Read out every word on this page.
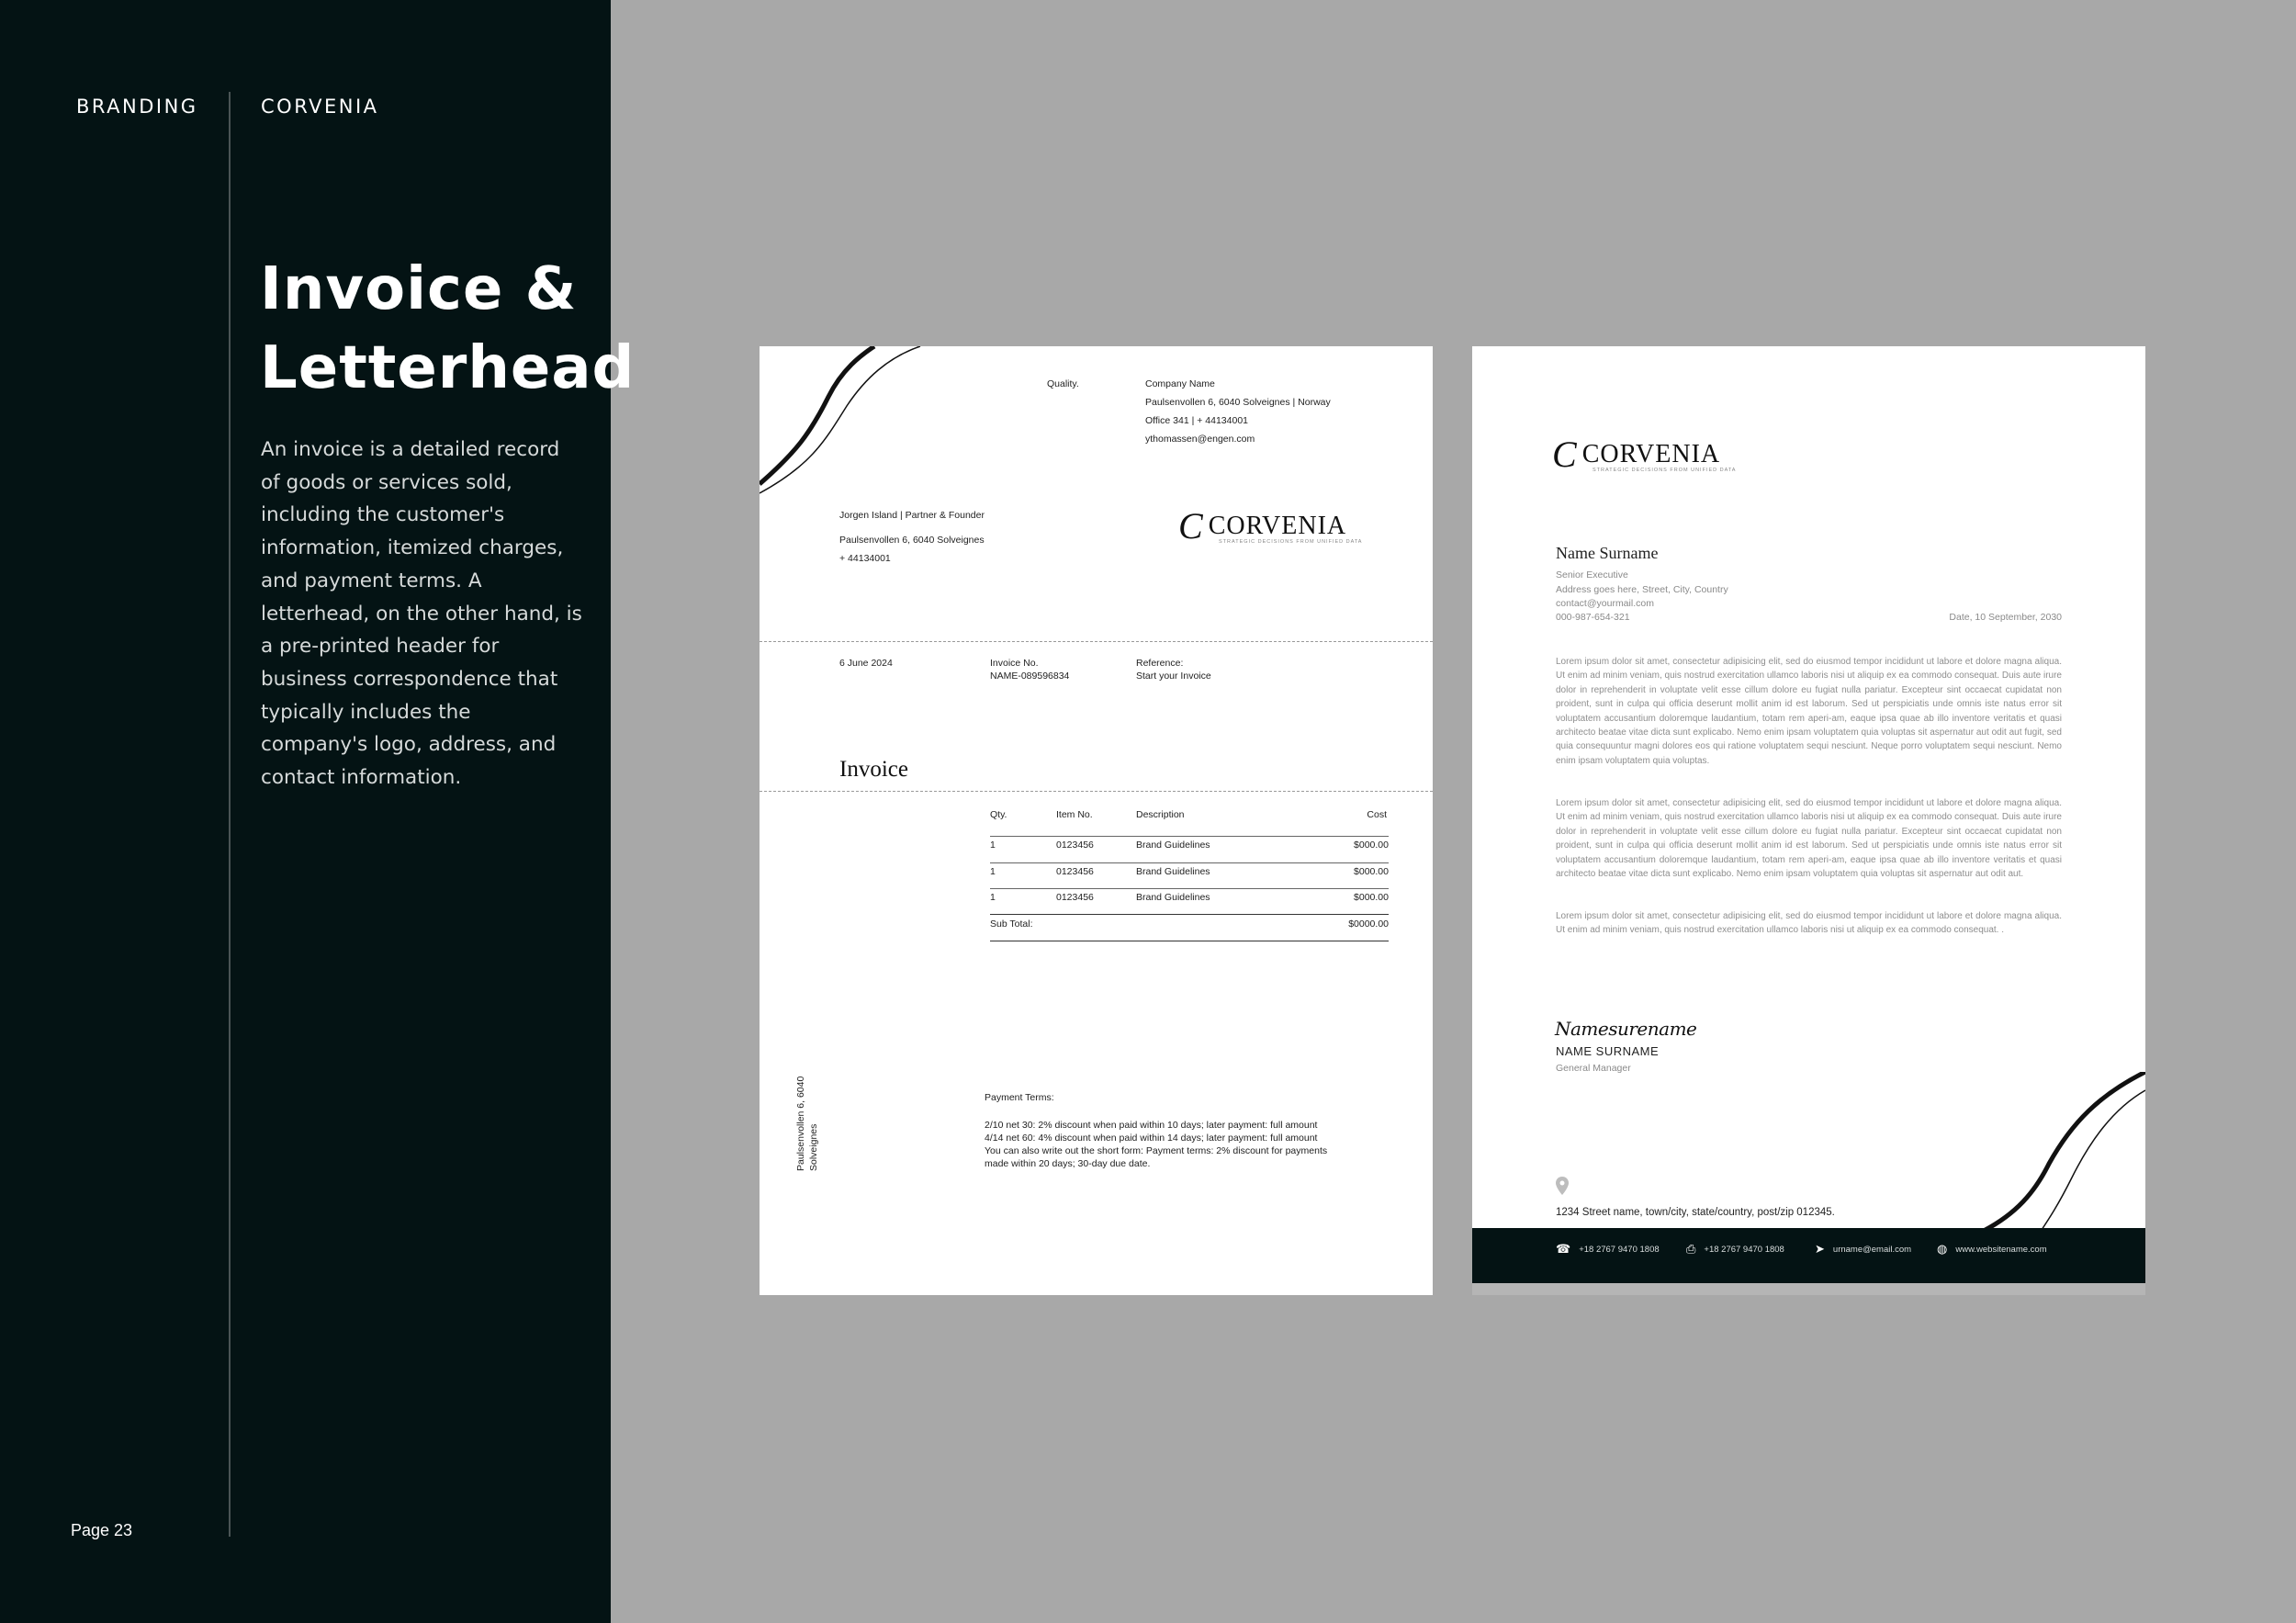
BRANDING	CORVENIA
Invoice &
Letterhead
An invoice is a detailed record of goods or services sold, including the customer's information, itemized charges, and payment terms. A letterhead, on the other hand, is a pre-printed header for business correspondence that typically includes the company's logo, address, and contact information.
Page 23
Quality.	Company Name
Paulsenvollen 6, 6040 Solveignes | Norway
Office 341 | + 44134001
ythomassen@engen.com
Jorgen Island | Partner & Founder
Paulsenvollen 6, 6040 Solveignes
+ 44134001
C CORVENIA
STRATEGIC DECISIONS FROM UNIFIED DATA
6 June 2024	Invoice No.
NAME-089596834
Reference:
Start your Invoice
Invoice
Qty.	Item No.	Description	Cost
1	0123456	Brand Guidelines	$000.00
1	0123456	Brand Guidelines	$000.00
1	0123456	Brand Guidelines	$000.00
Sub Total:	$0000.00
Paulsenvollen 6, 6040 Solveignes
Payment Terms:
2/10 net 30: 2% discount when paid within 10 days; later payment: full amount
4/14 net 60: 4% discount when paid within 14 days; later payment: full amount
You can also write out the short form: Payment terms: 2% discount for payments
made within 20 days; 30-day due date.
C CORVENIA
STRATEGIC DECISIONS FROM UNIFIED DATA
Name Surname
Senior Executive
Address goes here, Street, City, Country
contact@yourmail.com
000-987-654-321	Date, 10 September, 2030
Lorem ipsum dolor sit amet, consectetur adipisicing elit, sed do eiusmod tempor incididunt ut labore et dolore magna aliqua. Ut enim ad minim veniam, quis nostrud exercitation ullamco laboris nisi ut aliquip ex ea commodo consequat. Duis aute irure dolor in reprehenderit in voluptate velit esse cillum dolore eu fugiat nulla pariatur. Excepteur sint occaecat cupidatat non proident, sunt in culpa qui officia deserunt mollit anim id est laborum. Sed ut perspiciatis unde omnis iste natus error sit voluptatem accusantium doloremque laudantium, totam rem aperi-am, eaque ipsa quae ab illo inventore veritatis et quasi architecto beatae vitae dicta sunt explicabo. Nemo enim ipsam voluptatem quia voluptas sit aspernatur aut odit aut fugit, sed quia consequuntur magni dolores eos qui ratione voluptatem sequi nesciunt. Neque porro voluptatem sequi nesciunt. Nemo enim ipsam voluptatem quia voluptas.
Lorem ipsum dolor sit amet, consectetur adipisicing elit, sed do eiusmod tempor incididunt ut labore et dolore magna aliqua. Ut enim ad minim veniam, quis nostrud exercitation ullamco laboris nisi ut aliquip ex ea commodo consequat. Duis aute irure dolor in reprehenderit in voluptate velit esse cillum dolore eu fugiat nulla pariatur. Excepteur sint occaecat cupidatat non proident, sunt in culpa qui officia deserunt mollit anim id est laborum. Sed ut perspiciatis unde omnis iste natus error sit voluptatem accusantium doloremque laudantium, totam rem aperi-am, eaque ipsa quae ab illo inventore veritatis et quasi architecto beatae vitae dicta sunt explicabo. Nemo enim ipsam voluptatem quia voluptas sit aspernatur aut odit aut.
Lorem ipsum dolor sit amet, consectetur adipisicing elit, sed do eiusmod tempor incididunt ut labore et dolore magna aliqua. Ut enim ad minim veniam, quis nostrud exercitation ullamco laboris nisi ut aliquip ex ea commodo consequat. .
Namesurename
NAME SURNAME
General Manager
1234 Street name, town/city, state/country, post/zip 012345.
☎ +18 2767 9470 1808 ⎙ +18 2767 9470 1808	➤ urname@email.com ◍ www.websitename.com
